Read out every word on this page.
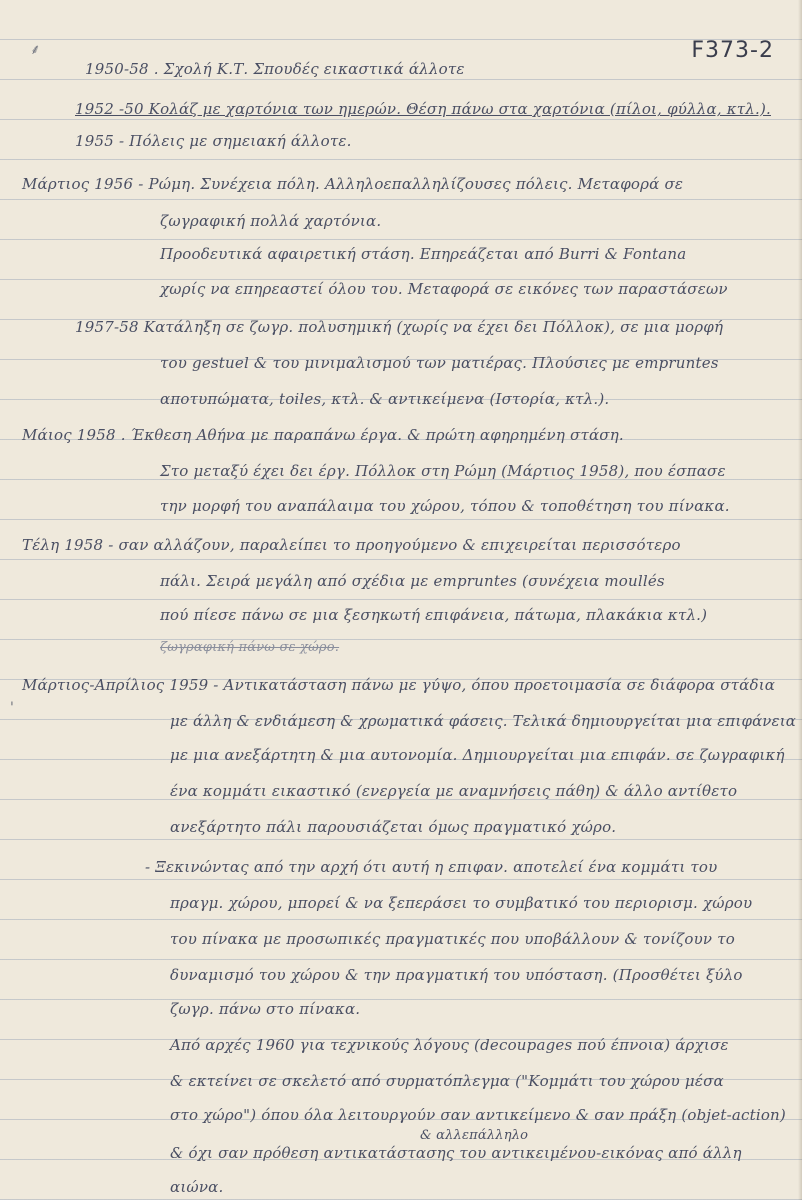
⸙	F373-2
1950-58 . Σχολή Κ.Τ. Σπουδές εικαστικά άλλοτε
1952 -50 Κολάζ με χαρτόνια των ημερών. Θέση πάνω στα χαρτόνια (πίλοι, φύλλα, κτλ.).
1955 - Πόλεις με σημειακή άλλοτε.
Μάρτιος 1956 - Ρώμη. Συνέχεια πόλη. Αλληλοεπαλληλίζουσες πόλεις. Μεταφορά σε
ζωγραφική πολλά χαρτόνια.
Προοδευτικά αφαιρετική στάση. Επηρεάζεται από Burri & Fontana
χωρίς να επηρεαστεί όλου του. Μεταφορά σε εικόνες των παραστάσεων
1957-58 Κατάληξη σε ζωγρ. πολυσημική (χωρίς να έχει δει Πόλλοκ), σε μια μορφή
του gestuel & του μινιμαλισμού των ματιέρας. Πλούσιες με empruntes
αποτυπώματα, toiles, κτλ. & αντικείμενα (Ιστορία, κτλ.).
Μάιος 1958 . Έκθεση Αθήνα με παραπάνω έργα. & πρώτη αφηρημένη στάση.
Στο μεταξύ έχει δει έργ. Πόλλοκ στη Ρώμη (Μάρτιος 1958), που έσπασε
την μορφή του αναπάλαιμα του χώρου, τόπου & τοποθέτηση του πίνακα.
Τέλη 1958 - σαν αλλάζουν, παραλείπει το προηγούμενο & επιχειρείται περισσότερο
πάλι. Σειρά μεγάλη από σχέδια με empruntes (συνέχεια moullés
πού πίεσε πάνω σε μια ξεσηκωτή επιφάνεια, πάτωμα, πλακάκια κτλ.)
ζωγραφική πάνω σε χώρο.
Μάρτιος-Απρίλιος 1959 - Αντικατάσταση πάνω με γύψο, όπου προετοιμασία σε διάφορα στάδια
'
με άλλη & ενδιάμεση & χρωματικά φάσεις. Τελικά δημιουργείται μια επιφάνεια
με μια ανεξάρτητη & μια αυτονομία. Δημιουργείται μια επιφάν. σε ζωγραφική
ένα κομμάτι εικαστικό (ενεργεία με αναμνήσεις πάθη) & άλλο αντίθετο
ανεξάρτητο πάλι παρουσιάζεται όμως πραγματικό χώρο.
- Ξεκινώντας από την αρχή ότι αυτή η επιφαν. αποτελεί ένα κομμάτι του
πραγμ. χώρου, μπορεί & να ξεπεράσει το συμβατικό του περιορισμ. χώρου
του πίνακα με προσωπικές πραγματικές που υποβάλλουν & τονίζουν το
δυναμισμό του χώρου & την πραγματική του υπόσταση. (Προσθέτει ξύλο
ζωγρ. πάνω στο πίνακα.
Από αρχές 1960 για τεχνικούς λόγους (decoupages πού έπνοια) άρχισε
& εκτείνει σε σκελετό από συρματόπλεγμα ("Κομμάτι του χώρου μέσα
στο χώρο") όπου όλα λειτουργούν σαν αντικείμενο & σαν πράξη (objet-action)
& αλλεπάλληλο
& όχι σαν πρόθεση αντικατάστασης του αντικειμένου-εικόνας από άλλη
αιώνα.
